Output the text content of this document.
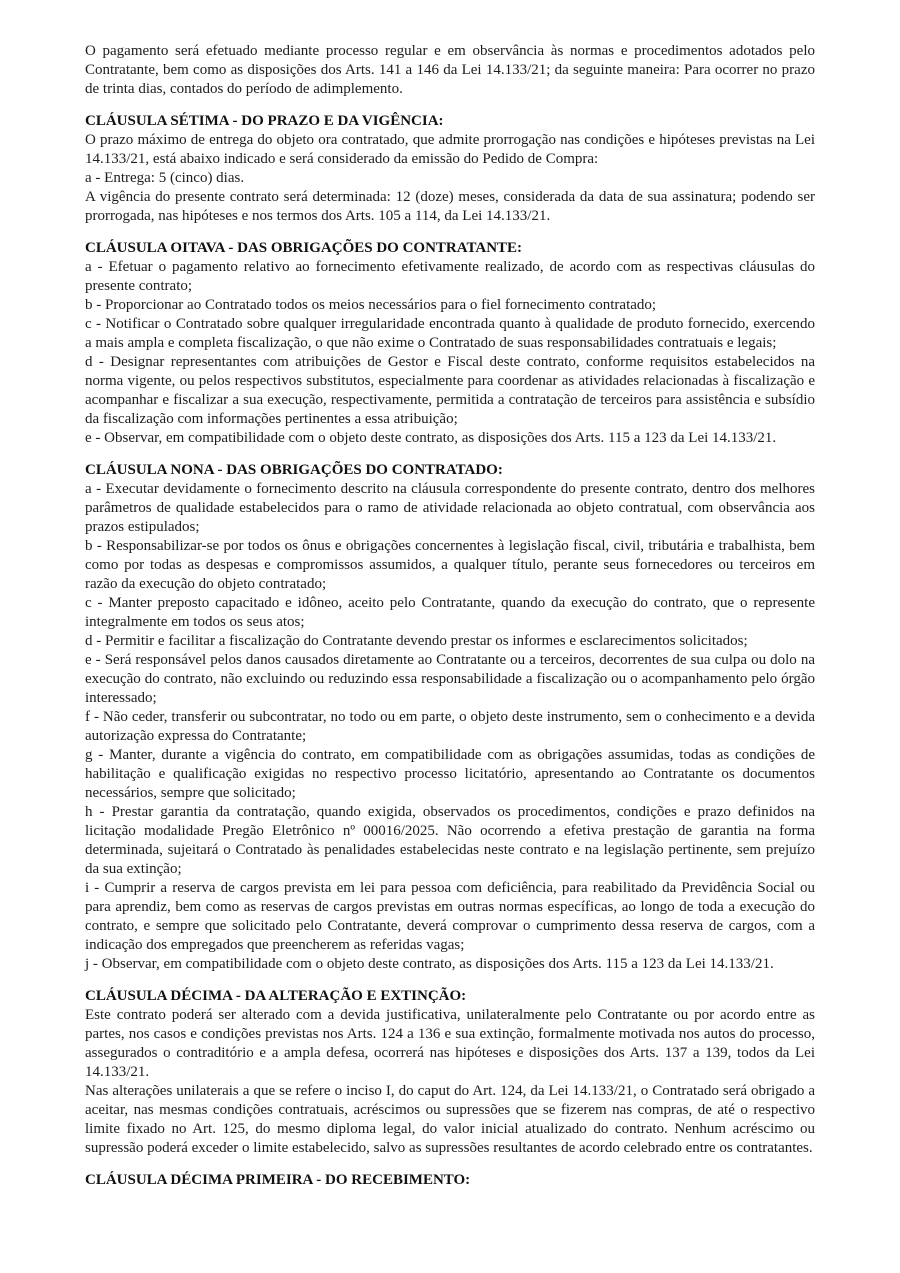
O pagamento será efetuado mediante processo regular e em observância às normas e procedimentos adotados pelo Contratante, bem como as disposições dos Arts. 141 a 146 da Lei 14.133/21; da seguinte maneira: Para ocorrer no prazo de trinta dias, contados do período de adimplemento.

CLÁUSULA SÉTIMA - DO PRAZO E DA VIGÊNCIA:

O prazo máximo de entrega do objeto ora contratado, que admite prorrogação nas condições e hipóteses previstas na Lei 14.133/21, está abaixo indicado e será considerado da emissão do Pedido de Compra:

a - Entrega: 5 (cinco) dias.

A vigência do presente contrato será determinada: 12 (doze) meses, considerada da data de sua assinatura; podendo ser prorrogada, nas hipóteses e nos termos dos Arts. 105 a 114, da Lei 14.133/21.

CLÁUSULA OITAVA - DAS OBRIGAÇÕES DO CONTRATANTE:

a - Efetuar o pagamento relativo ao fornecimento efetivamente realizado, de acordo com as respectivas cláusulas do presente contrato;

b - Proporcionar ao Contratado todos os meios necessários para o fiel fornecimento contratado;

c - Notificar o Contratado sobre qualquer irregularidade encontrada quanto à qualidade de produto fornecido, exercendo a mais ampla e completa fiscalização, o que não exime o Contratado de suas responsabilidades contratuais e legais;

d - Designar representantes com atribuições de Gestor e Fiscal deste contrato, conforme requisitos estabelecidos na norma vigente, ou pelos respectivos substitutos, especialmente para coordenar as atividades relacionadas à fiscalização e acompanhar e fiscalizar a sua execução, respectivamente, permitida a contratação de terceiros para assistência e subsídio da fiscalização com informações pertinentes a essa atribuição;

e - Observar, em compatibilidade com o objeto deste contrato, as disposições dos Arts. 115 a 123 da Lei 14.133/21.

CLÁUSULA NONA - DAS OBRIGAÇÕES DO CONTRATADO:

a - Executar devidamente o fornecimento descrito na cláusula correspondente do presente contrato, dentro dos melhores parâmetros de qualidade estabelecidos para o ramo de atividade relacionada ao objeto contratual, com observância aos prazos estipulados;

b - Responsabilizar-se por todos os ônus e obrigações concernentes à legislação fiscal, civil, tributária e trabalhista, bem como por todas as despesas e compromissos assumidos, a qualquer título, perante seus fornecedores ou terceiros em razão da execução do objeto contratado;

c - Manter preposto capacitado e idôneo, aceito pelo Contratante, quando da execução do contrato, que o represente integralmente em todos os seus atos;

d - Permitir e facilitar a fiscalização do Contratante devendo prestar os informes e esclarecimentos solicitados;

e - Será responsável pelos danos causados diretamente ao Contratante ou a terceiros, decorrentes de sua culpa ou dolo na execução do contrato, não excluindo ou reduzindo essa responsabilidade a fiscalização ou o acompanhamento pelo órgão interessado;

f - Não ceder, transferir ou subcontratar, no todo ou em parte, o objeto deste instrumento, sem o conhecimento e a devida autorização expressa do Contratante;

g - Manter, durante a vigência do contrato, em compatibilidade com as obrigações assumidas, todas as condições de habilitação e qualificação exigidas no respectivo processo licitatório, apresentando ao Contratante os documentos necessários, sempre que solicitado;

h - Prestar garantia da contratação, quando exigida, observados os procedimentos, condições e prazo definidos na licitação modalidade Pregão Eletrônico nº 00016/2025. Não ocorrendo a efetiva prestação de garantia na forma determinada, sujeitará o Contratado às penalidades estabelecidas neste contrato e na legislação pertinente, sem prejuízo da sua extinção;

i - Cumprir a reserva de cargos prevista em lei para pessoa com deficiência, para reabilitado da Previdência Social ou para aprendiz, bem como as reservas de cargos previstas em outras normas específicas, ao longo de toda a execução do contrato, e sempre que solicitado pelo Contratante, deverá comprovar o cumprimento dessa reserva de cargos, com a indicação dos empregados que preencherem as referidas vagas;

j - Observar, em compatibilidade com o objeto deste contrato, as disposições dos Arts. 115 a 123 da Lei 14.133/21.

CLÁUSULA DÉCIMA - DA ALTERAÇÃO E EXTINÇÃO:

Este contrato poderá ser alterado com a devida justificativa, unilateralmente pelo Contratante ou por acordo entre as partes, nos casos e condições previstas nos Arts. 124 a 136 e sua extinção, formalmente motivada nos autos do processo, assegurados o contraditório e a ampla defesa, ocorrerá nas hipóteses e disposições dos Arts. 137 a 139, todos da Lei 14.133/21.

Nas alterações unilaterais a que se refere o inciso I, do caput do Art. 124, da Lei 14.133/21, o Contratado será obrigado a aceitar, nas mesmas condições contratuais, acréscimos ou supressões que se fizerem nas compras, de até o respectivo limite fixado no Art. 125, do mesmo diploma legal, do valor inicial atualizado do contrato. Nenhum acréscimo ou supressão poderá exceder o limite estabelecido, salvo as supressões resultantes de acordo celebrado entre os contratantes.

CLÁUSULA DÉCIMA PRIMEIRA - DO RECEBIMENTO:
